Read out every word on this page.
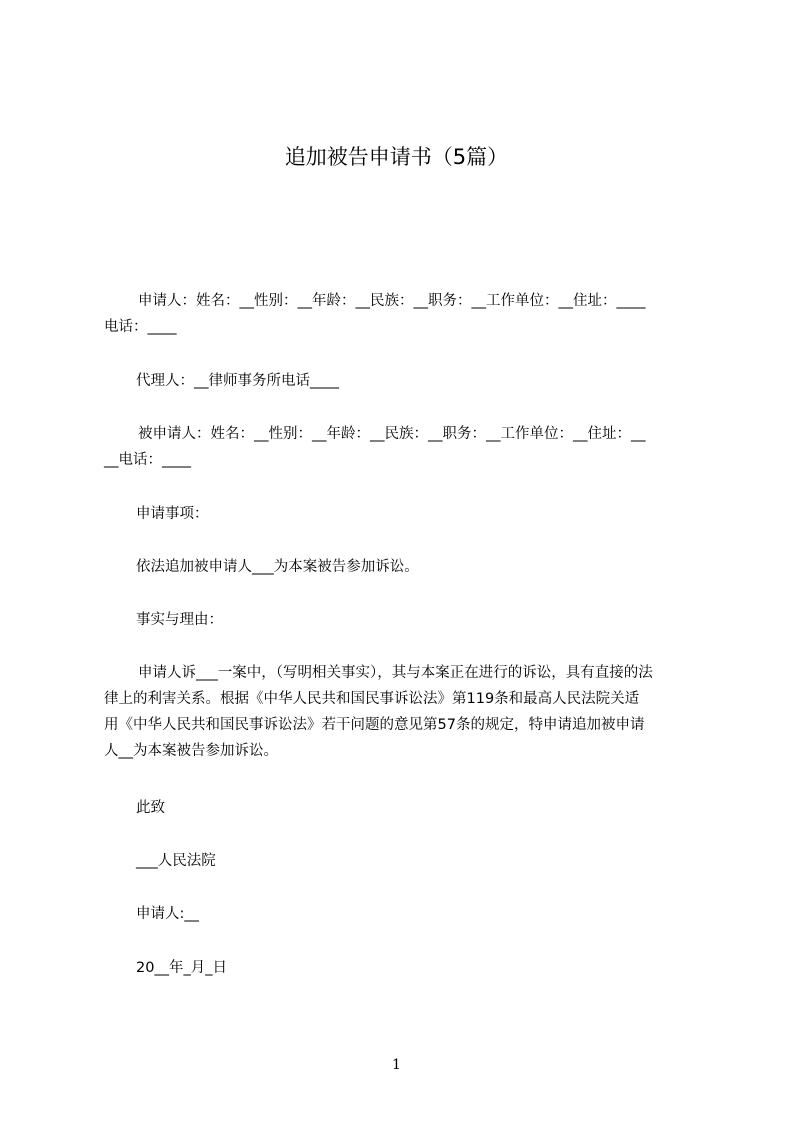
追加被告申请书（5篇）
申请人：姓名：__性别：__年龄：__民族：__职务：__工作单位：__住址：____
电话：____
代理人：__律师事务所电话____
被申请人：姓名：__性别：__年龄：__民族：__职务：__工作单位：__住址：__
__电话：____
申请事项：
依法追加被申请人___为本案被告参加诉讼。
事实与理由：
申请人诉___一案中，（写明相关事实），其与本案正在进行的诉讼，具有直接的法
律上的利害关系。根据《中华人民共和国民事诉讼法》第119条和最高人民法院关适
用《中华人民共和国民事诉讼法》若干问题的意见第57条的规定，特申请追加被申请
人__为本案被告参加诉讼。
此致
___人民法院
申请人:__
20__年_月_日
1
